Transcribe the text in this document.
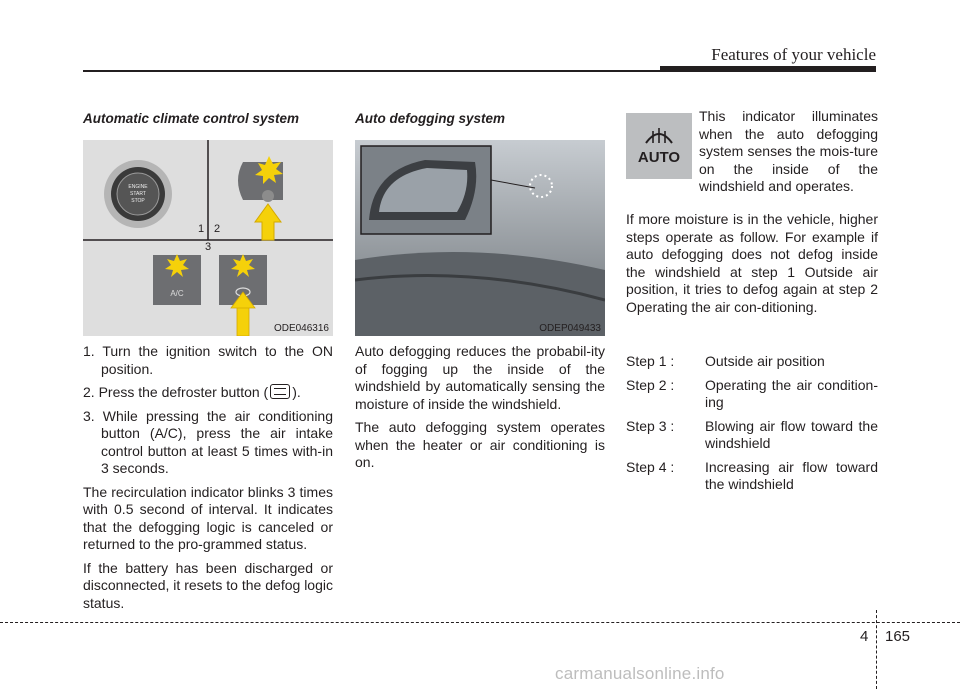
Features of your vehicle
Automatic climate control system
ENGINE
START
STOP
1 2
3
A/C
ODE046316
1. Turn the ignition switch to the ON position.
2. Press the defroster button ( ).
3. While pressing the air conditioning button (A/C), press the air intake control button at least 5 times with-in 3 seconds.

The recirculation indicator blinks 3 times with 0.5 second of interval. It indicates that the defogging logic is canceled or returned to the pro-grammed status.

If the battery has been discharged or disconnected, it resets to the defog logic status.

Auto defogging system
ODEP049433

Auto defogging reduces the probabil-ity of fogging up the inside of the windshield by automatically sensing the moisture of inside the windshield.

The auto defogging system operates when the heater or air conditioning is on.

AUTO
This indicator illuminates when the auto defogging system senses the mois-ture on the inside of the windshield and operates.
If more moisture is in the vehicle, higher steps operate as follow. For example if auto defogging does not defog inside the windshield at step 1 Outside air position, it tries to defog again at step 2 Operating the air con-ditioning.
Step 1 :	Outside air position
Step 2 :	Operating the air condition-ing
Step 3 :	Blowing air flow toward the windshield
Step 4 :	Increasing air flow toward the windshield
4 165
carmanualsonline.info
